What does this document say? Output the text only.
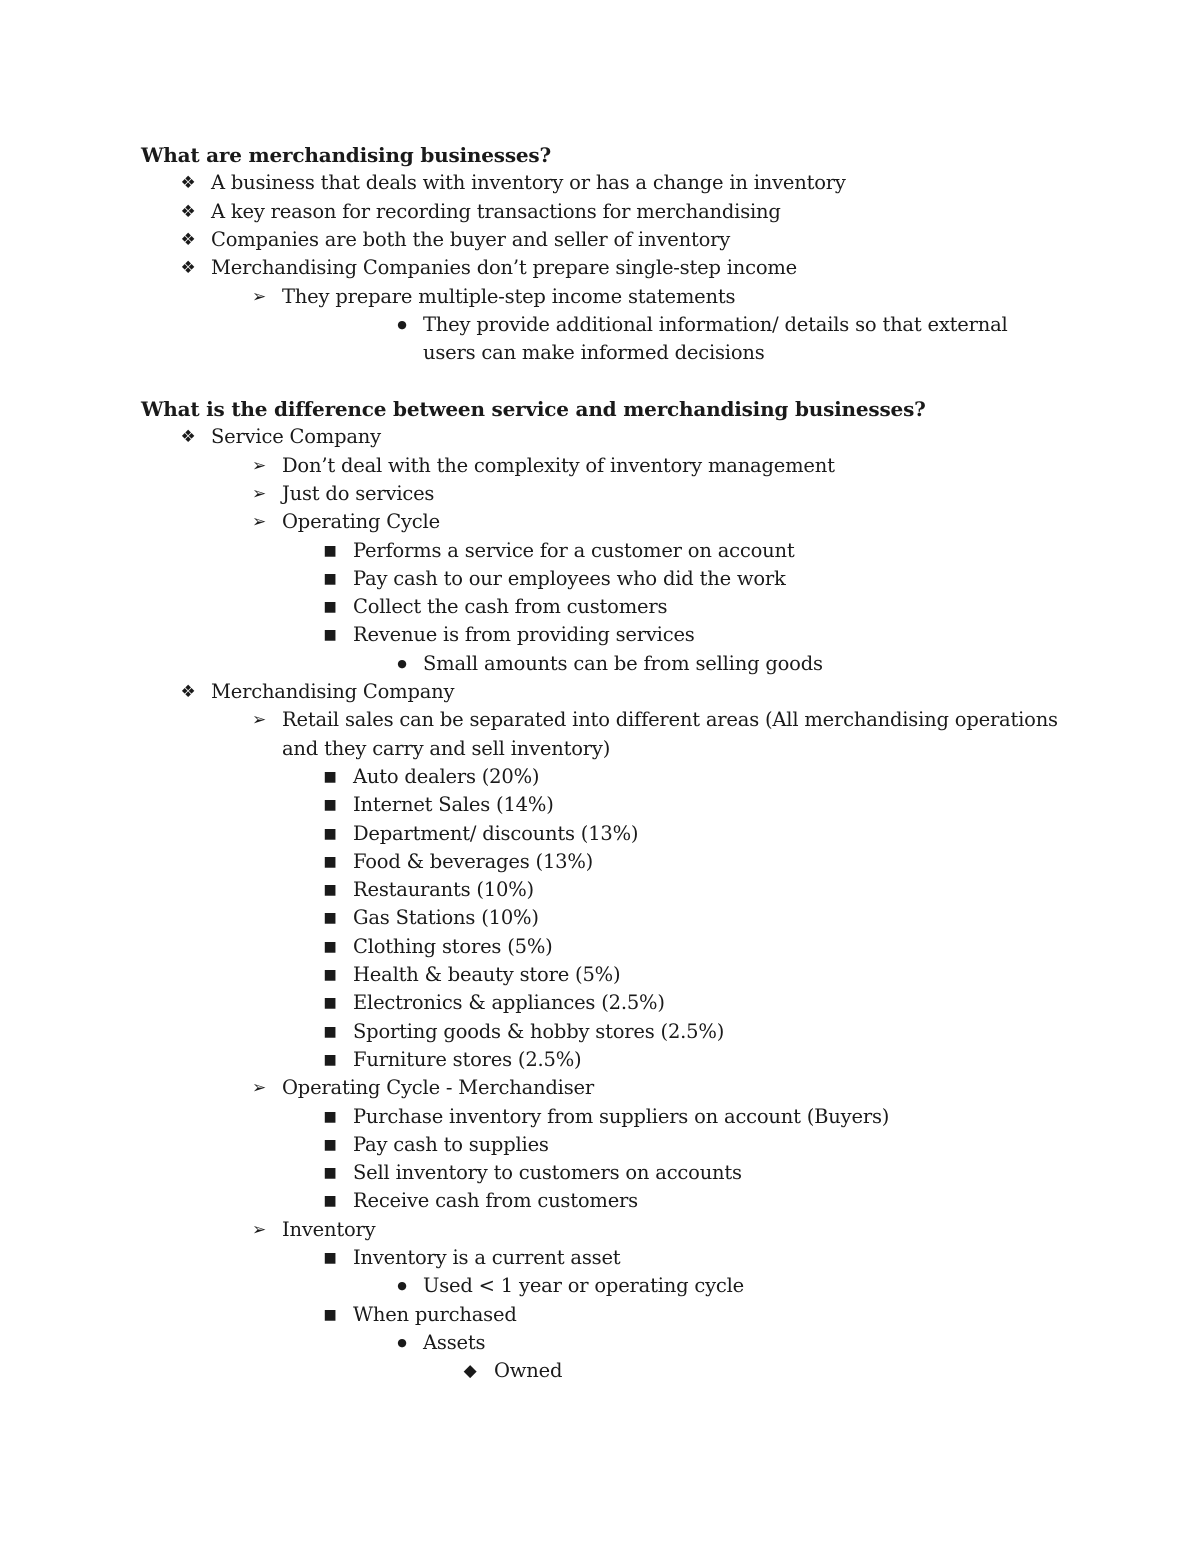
What are merchandising businesses?
❖ A business that deals with inventory or has a change in inventory
❖ A key reason for recording transactions for merchandising
❖ Companies are both the buyer and seller of inventory
❖ Merchandising Companies don’t prepare single-step income
➢ They prepare multiple-step income statements
● They provide additional information/ details so that external users can make informed decisions
What is the difference between service and merchandising businesses?
❖ Service Company
➢ Don’t deal with the complexity of inventory management
➢ Just do services
➢ Operating Cycle
■ Performs a service for a customer on account
■ Pay cash to our employees who did the work
■ Collect the cash from customers
■ Revenue is from providing services
● Small amounts can be from selling goods
❖ Merchandising Company
➢ Retail sales can be separated into different areas (All merchandising operations and they carry and sell inventory)
■ Auto dealers (20%)
■ Internet Sales (14%)
■ Department/ discounts (13%)
■ Food & beverages (13%)
■ Restaurants (10%)
■ Gas Stations (10%)
■ Clothing stores (5%)
■ Health & beauty store (5%)
■ Electronics & appliances (2.5%)
■ Sporting goods & hobby stores (2.5%)
■ Furniture stores (2.5%)
➢ Operating Cycle - Merchandiser
■ Purchase inventory from suppliers on account (Buyers)
■ Pay cash to supplies
■ Sell inventory to customers on accounts
■ Receive cash from customers
➢ Inventory
■ Inventory is a current asset
● Used < 1 year or operating cycle
■ When purchased
● Assets
◆ Owned
